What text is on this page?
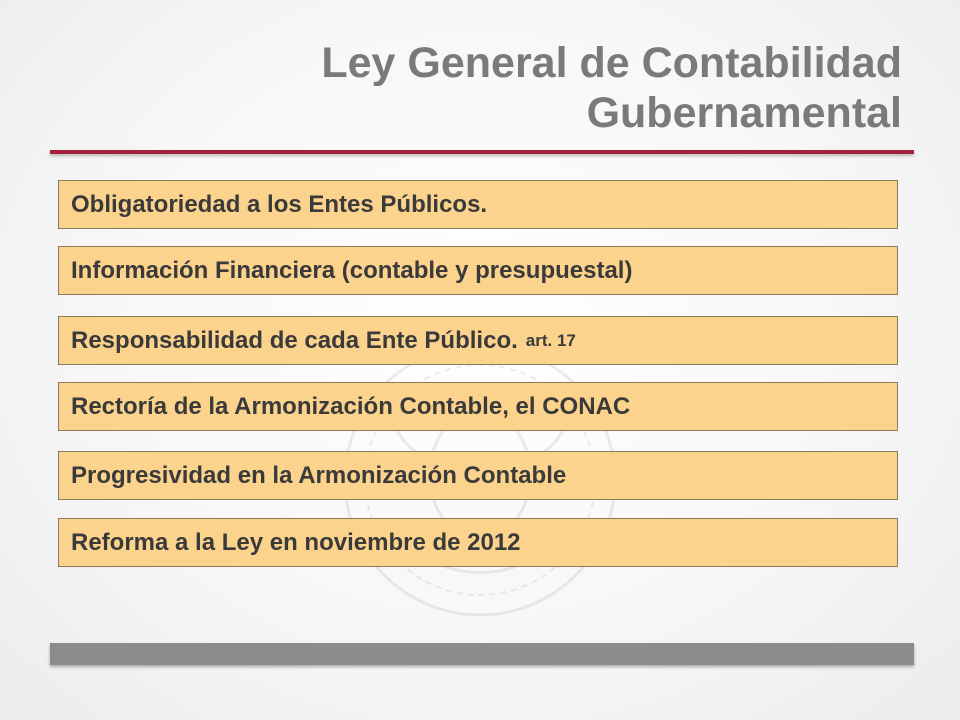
Ley General de Contabilidad
Gubernamental
Obligatoriedad a los Entes Públicos.
Información Financiera (contable y presupuestal)
Responsabilidad de cada Ente Público. art. 17
Rectoría de la Armonización Contable, el CONAC
Progresividad en la Armonización Contable
Reforma a la Ley en noviembre de 2012
